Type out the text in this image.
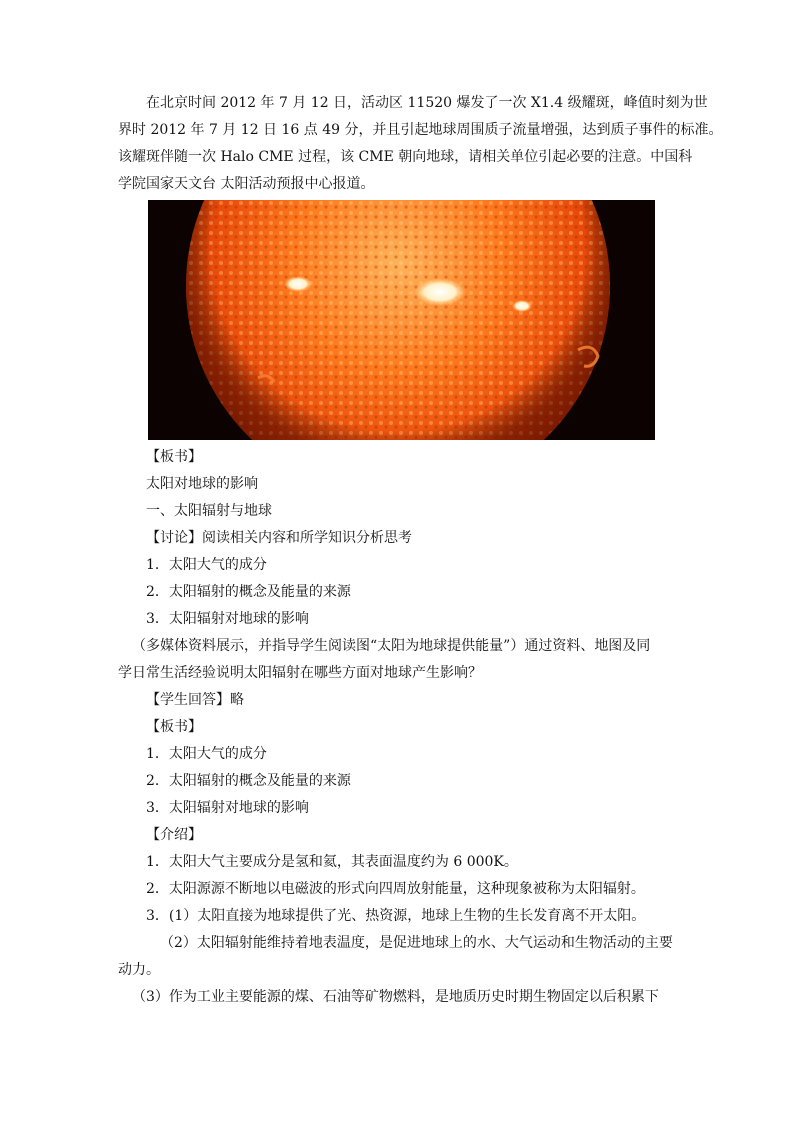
在北京时间 2012 年 7 月 12 日，活动区 11520 爆发了一次 X1.4 级耀斑，峰值时刻为世
界时 2012 年 7 月 12 日 16 点 49 分，并且引起地球周围质子流量增强，达到质子事件的标准。
该耀斑伴随一次 Halo CME 过程，该 CME 朝向地球，请相关单位引起必要的注意。中国科
学院国家天文台 太阳活动预报中心报道。

【板书】

太阳对地球的影响

一、太阳辐射与地球

【讨论】阅读相关内容和所学知识分析思考

1．太阳大气的成分

2．太阳辐射的概念及能量的来源

3．太阳辐射对地球的影响

（多媒体资料展示，并指导学生阅读图“太阳为地球提供能量”）通过资料、地图及同

学日常生活经验说明太阳辐射在哪些方面对地球产生影响？

【学生回答】略

【板书】

1．太阳大气的成分

2．太阳辐射的概念及能量的来源

3．太阳辐射对地球的影响

【介绍】

1．太阳大气主要成分是氢和氦，其表面温度约为 6 000K。

2．太阳源源不断地以电磁波的形式向四周放射能量，这种现象被称为太阳辐射。

3．(1）太阳直接为地球提供了光、热资源，地球上生物的生长发育离不开太阳。

（2）太阳辐射能维持着地表温度，是促进地球上的水、大气运动和生物活动的主要

动力。

（3）作为工业主要能源的煤、石油等矿物燃料，是地质历史时期生物固定以后积累下
